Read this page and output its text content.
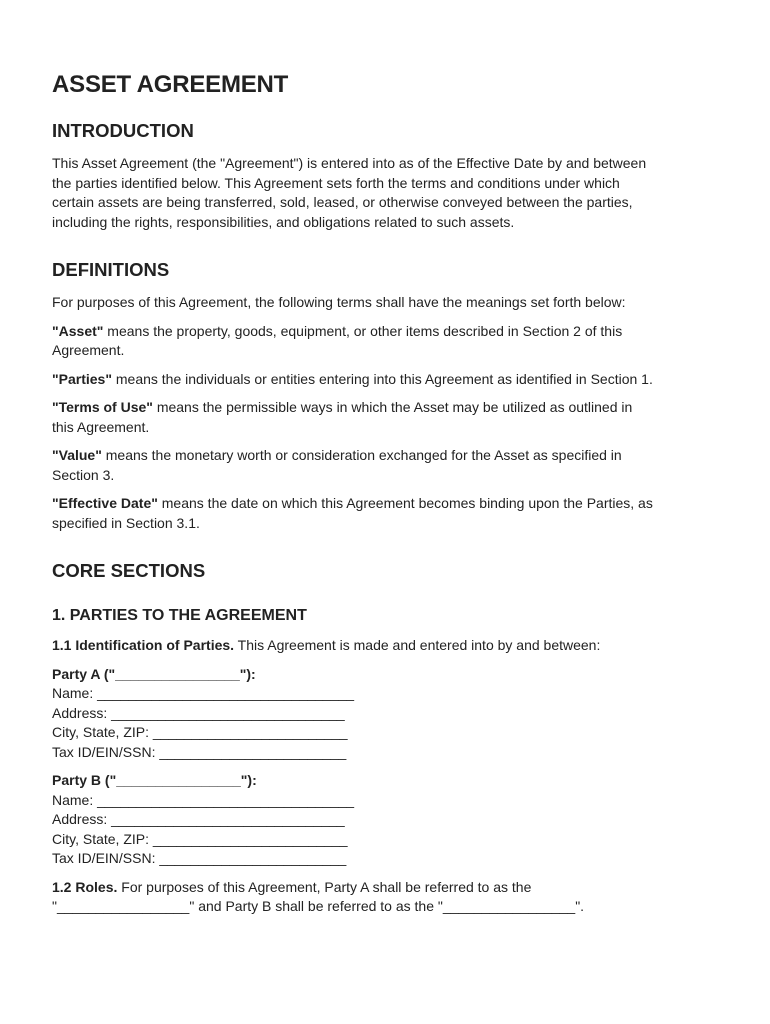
ASSET AGREEMENT
INTRODUCTION

This Asset Agreement (the "Agreement") is entered into as of the Effective Date by and between
the parties identified below. This Agreement sets forth the terms and conditions under which
certain assets are being transferred, sold, leased, or otherwise conveyed between the parties,
including the rights, responsibilities, and obligations related to such assets.

DEFINITIONS

For purposes of this Agreement, the following terms shall have the meanings set forth below:

"Asset" means the property, goods, equipment, or other items described in Section 2 of this
Agreement.

"Parties" means the individuals or entities entering into this Agreement as identified in Section 1.

"Terms of Use" means the permissible ways in which the Asset may be utilized as outlined in
this Agreement.

"Value" means the monetary worth or consideration exchanged for the Asset as specified in
Section 3.

"Effective Date" means the date on which this Agreement becomes binding upon the Parties, as
specified in Section 3.1.

CORE SECTIONS
1. PARTIES TO THE AGREEMENT

1.1 Identification of Parties. This Agreement is made and entered into by and between:

Party A ("________________"):
Name: _________________________________
Address: ______________________________
City, State, ZIP: _________________________
Tax ID/EIN/SSN: ________________________
Party B ("________________"):
Name: _________________________________
Address: ______________________________
City, State, ZIP: _________________________
Tax ID/EIN/SSN: ________________________

1.2 Roles. For purposes of this Agreement, Party A shall be referred to as the
"_________________" and Party B shall be referred to as the "_________________".
